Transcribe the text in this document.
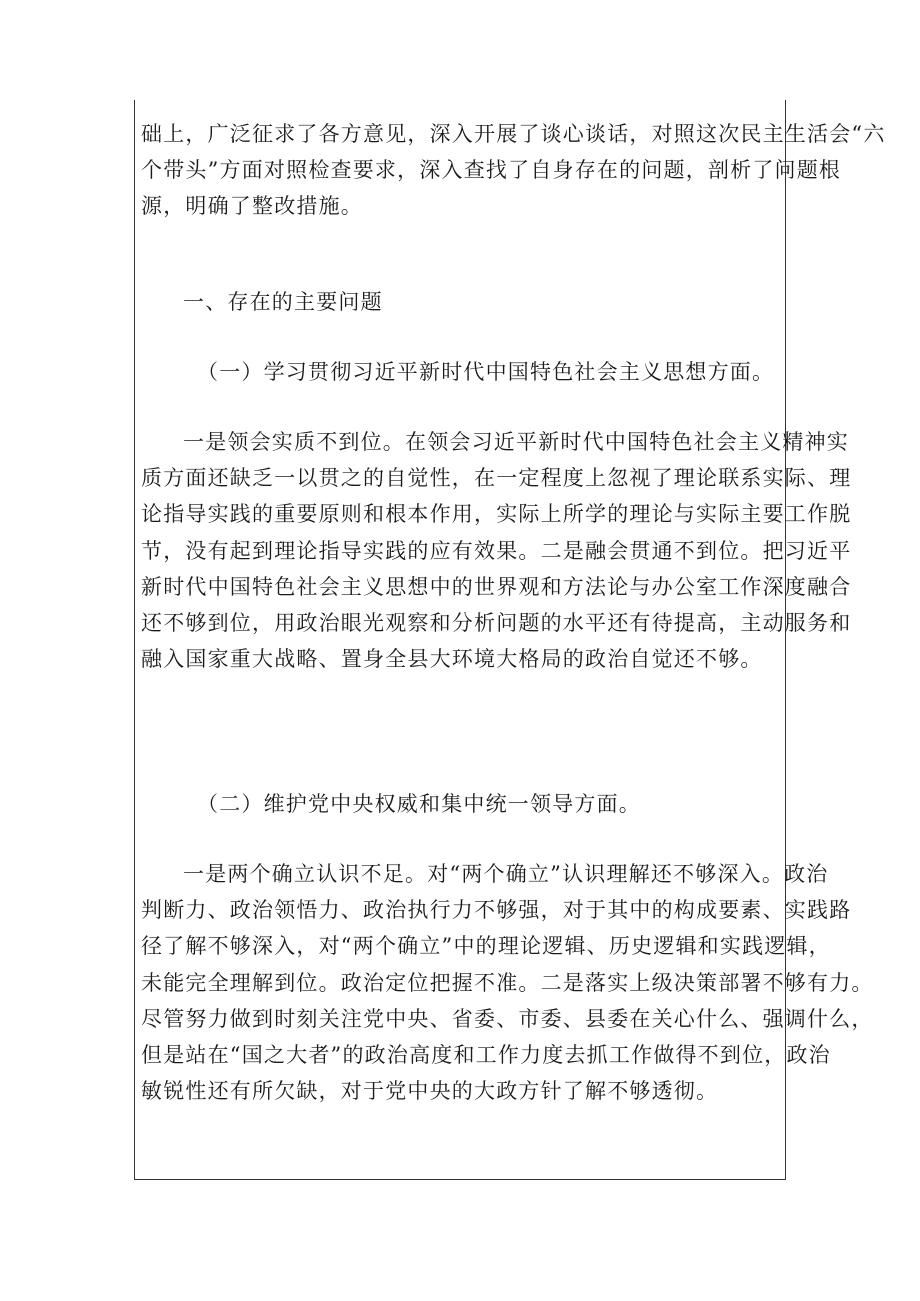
础上，广泛征求了各方意见，深入开展了谈心谈话，对照这次民主生活会“六
个带头”方面对照检查要求，深入查找了自身存在的问题，剖析了问题根
源，明确了整改措施。
一、存在的主要问题
（一）学习贯彻习近平新时代中国特色社会主义思想方面。
一是领会实质不到位。在领会习近平新时代中国特色社会主义精神实
质方面还缺乏一以贯之的自觉性，在一定程度上忽视了理论联系实际、理
论指导实践的重要原则和根本作用，实际上所学的理论与实际主要工作脱
节，没有起到理论指导实践的应有效果。二是融会贯通不到位。把习近平
新时代中国特色社会主义思想中的世界观和方法论与办公室工作深度融合
还不够到位，用政治眼光观察和分析问题的水平还有待提高，主动服务和
融入国家重大战略、置身全县大环境大格局的政治自觉还不够。
（二）维护党中央权威和集中统一领导方面。
一是两个确立认识不足。对“两个确立”认识理解还不够深入。政治
判断力、政治领悟力、政治执行力不够强，对于其中的构成要素、实践路
径了解不够深入，对“两个确立”中的理论逻辑、历史逻辑和实践逻辑，
未能完全理解到位。政治定位把握不准。二是落实上级决策部署不够有力。
尽管努力做到时刻关注党中央、省委、市委、县委在关心什么、强调什么，
但是站在“国之大者”的政治高度和工作力度去抓工作做得不到位，政治
敏锐性还有所欠缺，对于党中央的大政方针了解不够透彻。
